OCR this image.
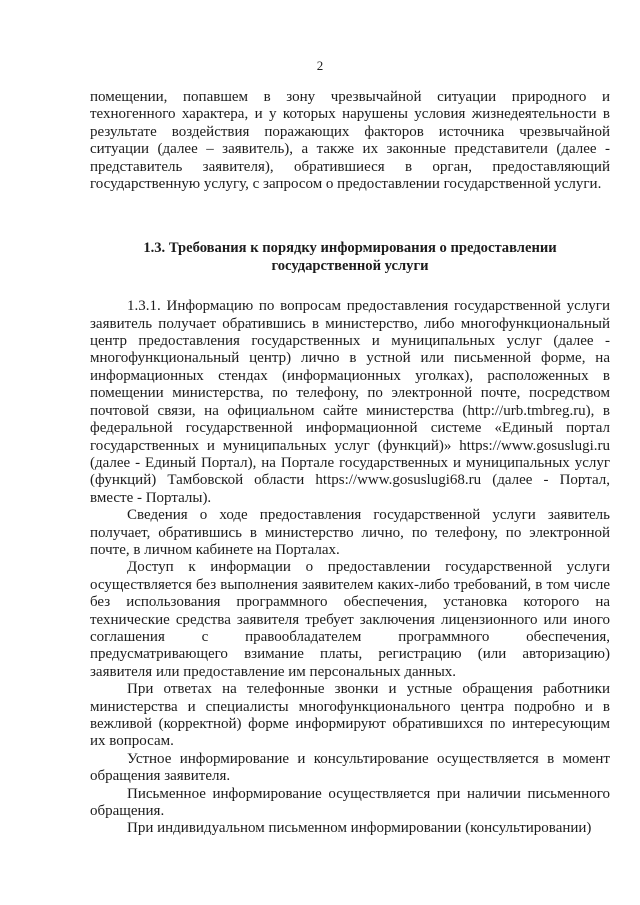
2

помещении, попавшем в зону чрезвычайной ситуации природного и техногенного характера, и у которых нарушены условия жизнедеятельности в результате воздействия поражающих факторов источника чрезвычайной ситуации (далее – заявитель), а также их законные представители (далее - представитель заявителя), обратившиеся в орган, предоставляющий государственную услугу, с запросом о предоставлении государственной услуги.

1.3. Требования к порядку информирования о предоставлении
государственной услуги

1.3.1. Информацию по вопросам предоставления государственной услуги заявитель получает обратившись в министерство, либо многофункциональный центр предоставления государственных и муниципальных услуг (далее - многофункциональный центр) лично в устной или письменной форме, на информационных стендах (информационных уголках), расположенных в помещении министерства, по телефону, по электронной почте, посредством почтовой связи, на официальном сайте министерства (http://urb.tmbreg.ru), в федеральной государственной информационной системе «Единый портал государственных и муниципальных услуг (функций)» https://www.gosuslugi.ru (далее - Единый Портал), на Портале государственных и муниципальных услуг (функций) Тамбовской области https://www.gosuslugi68.ru (далее - Портал, вместе - Порталы).

Сведения о ходе предоставления государственной услуги заявитель получает, обратившись в министерство лично, по телефону, по электронной почте, в личном кабинете на Порталах.

Доступ к информации о предоставлении государственной услуги осуществляется без выполнения заявителем каких-либо требований, в том числе без использования программного обеспечения, установка которого на технические средства заявителя требует заключения лицензионного или иного соглашения с правообладателем программного обеспечения, предусматривающего взимание платы, регистрацию (или авторизацию) заявителя или предоставление им персональных данных.

При ответах на телефонные звонки и устные обращения работники министерства и специалисты многофункционального центра подробно и в вежливой (корректной) форме информируют обратившихся по интересующим их вопросам.

Устное информирование и консультирование осуществляется в момент обращения заявителя.

Письменное информирование осуществляется при наличии письменного обращения.

При индивидуальном письменном информировании (консультировании)
